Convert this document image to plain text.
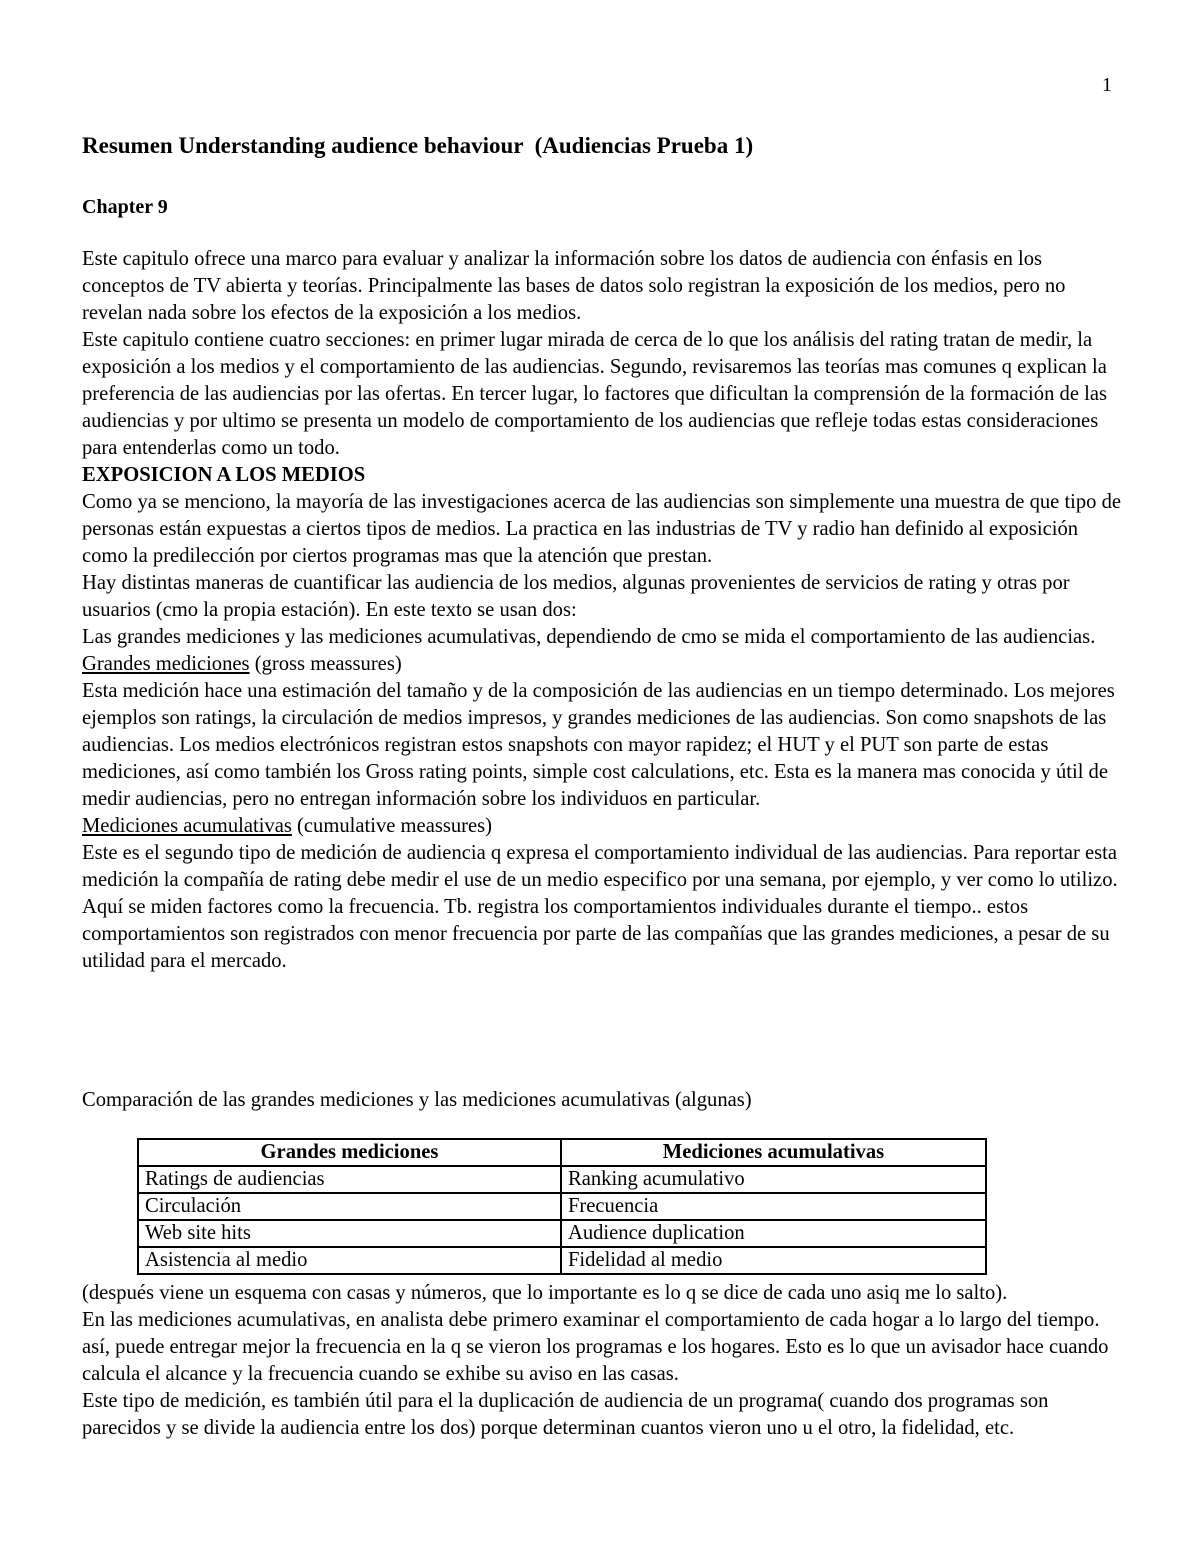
1
Resumen Understanding audience behaviour  (Audiencias Prueba 1)
Chapter 9

Este capitulo ofrece una marco para evaluar y analizar la información sobre los datos de audiencia con énfasis en los conceptos de TV abierta y teorías. Principalmente las bases de datos solo registran la exposición de los medios, pero no revelan nada sobre los efectos de la exposición a los medios.

Este capitulo contiene cuatro secciones: en primer lugar mirada de cerca de lo que los análisis del rating tratan de medir, la exposición a los medios y el comportamiento de las audiencias. Segundo, revisaremos las teorías mas comunes q explican la preferencia de las audiencias por las ofertas. En tercer lugar, lo factores que dificultan la comprensión de la formación de las audiencias y por ultimo se presenta un modelo de comportamiento de los audiencias que refleje todas estas consideraciones para entenderlas como un todo.

EXPOSICION A LOS MEDIOS

Como ya se menciono, la mayoría de las investigaciones acerca de las audiencias son simplemente una muestra de que tipo de personas están expuestas a ciertos tipos de medios. La practica en las industrias de TV y radio han definido al exposición como la predilección por ciertos programas mas que la atención que prestan.

Hay distintas maneras de cuantificar las audiencia de los medios, algunas provenientes de servicios de rating y otras por usuarios (cmo la propia estación). En este texto se usan dos:

Las grandes mediciones y las mediciones acumulativas, dependiendo de cmo se mida el comportamiento de las audiencias.

Grandes mediciones (gross meassures)

Esta medición hace una estimación del tamaño y de la composición de las audiencias en un tiempo determinado. Los mejores ejemplos son ratings, la circulación de medios impresos, y grandes mediciones de las audiencias. Son como snapshots de las audiencias. Los medios electrónicos registran estos snapshots con mayor rapidez; el HUT y el PUT son parte de estas mediciones, así como también los Gross rating points, simple cost calculations, etc. Esta es la manera mas conocida y útil de medir audiencias, pero no entregan información sobre los individuos en particular.

Mediciones acumulativas (cumulative meassures)

Este es el segundo tipo de medición de audiencia q expresa el comportamiento individual de las audiencias. Para reportar esta medición la compañía de rating debe medir el use de un medio especifico por una semana, por ejemplo, y ver como lo utilizo. Aquí se miden factores como la frecuencia. Tb. registra los comportamientos individuales durante el tiempo.. estos comportamientos son registrados con menor frecuencia por parte de las compañías que las grandes mediciones, a pesar de su utilidad para el mercado.

Comparación de las grandes mediciones y las mediciones acumulativas (algunas)

Grandes mediciones	Mediciones acumulativas
Ratings de audiencias	Ranking acumulativo
Circulación	Frecuencia
Web site hits	Audience duplication
Asistencia al medio	Fidelidad al medio

(después viene un esquema con casas y números, que lo importante es lo q se dice de cada uno asiq me lo salto).

En las mediciones acumulativas, en analista debe primero examinar el comportamiento de cada hogar a lo largo del tiempo. así, puede entregar mejor la frecuencia en la q se vieron los programas e los hogares. Esto es lo que un avisador hace cuando calcula el alcance y la frecuencia cuando se exhibe su aviso en las casas.

Este tipo de medición, es también útil para el la duplicación de audiencia de un programa( cuando dos programas son parecidos y se divide la audiencia entre los dos) porque determinan cuantos vieron uno u el otro, la fidelidad, etc.
